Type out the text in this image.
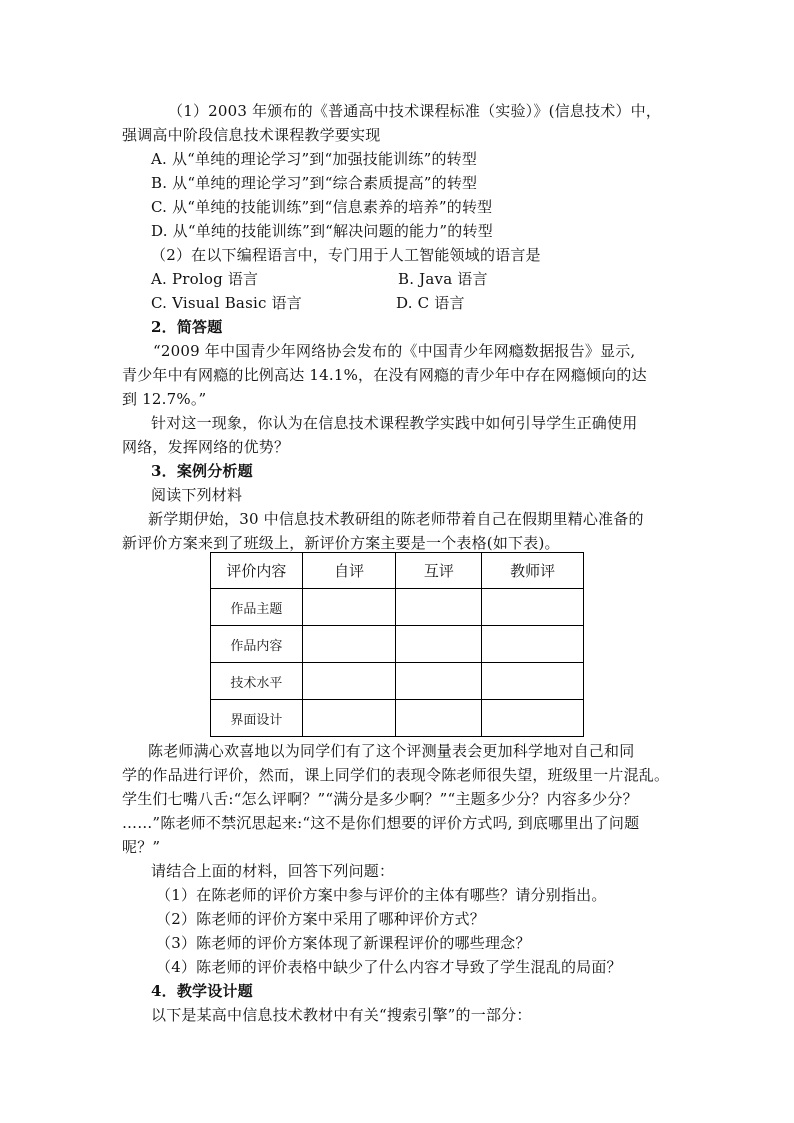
（1）2003 年颁布的《普通高中技术课程标准（实验）》(信息技术）中，
强调高中阶段信息技术课程教学要实现
A. 从“单纯的理论学习”到“加强技能训练”的转型
B. 从“单纯的理论学习”到“综合素质提高”的转型
C. 从“单纯的技能训练”到“信息素养的培养”的转型
D. 从“单纯的技能训练”到“解决问题的能力”的转型
（2）在以下编程语言中，专门用于人工智能领域的语言是
A. Prolog 语言	B. Java 语言
C. Visual Basic 语言	D. C 语言
2．简答题
“2009 年中国青少年网络协会发布的《中国青少年网瘾数据报告》显示,
青少年中有网瘾的比例高达 14.1%，在没有网瘾的青少年中存在网瘾倾向的达
到 12.7%。”
针对这一现象，你认为在信息技术课程教学实践中如何引导学生正确使用
网络，发挥网络的优势？
3．案例分析题
阅读下列材料
新学期伊始，30 中信息技术教研组的陈老师带着自己在假期里精心准备的
新评价方案来到了班级上，新评价方案主要是一个表格(如下表)。
评价内容	自评	互评	教师评
作品主题			
作品内容			
技术水平			
界面设计			
陈老师满心欢喜地以为同学们有了这个评测量表会更加科学地对自己和同
学的作品进行评价，然而，课上同学们的表现令陈老师很失望，班级里一片混乱。
学生们七嘴八舌:“怎么评啊？”“满分是多少啊？”“主题多少分？内容多少分？
……”陈老师不禁沉思起来:“这不是你们想要的评价方式吗, 到底哪里出了问题
呢？”
请结合上面的材料，回答下列问题：
（1）在陈老师的评价方案中参与评价的主体有哪些？请分别指出。
（2）陈老师的评价方案中采用了哪种评价方式？
（3）陈老师的评价方案体现了新课程评价的哪些理念？
（4）陈老师的评价表格中缺少了什么内容才导致了学生混乱的局面？
4．教学设计题
以下是某高中信息技术教材中有关“搜索引擎”的一部分：
